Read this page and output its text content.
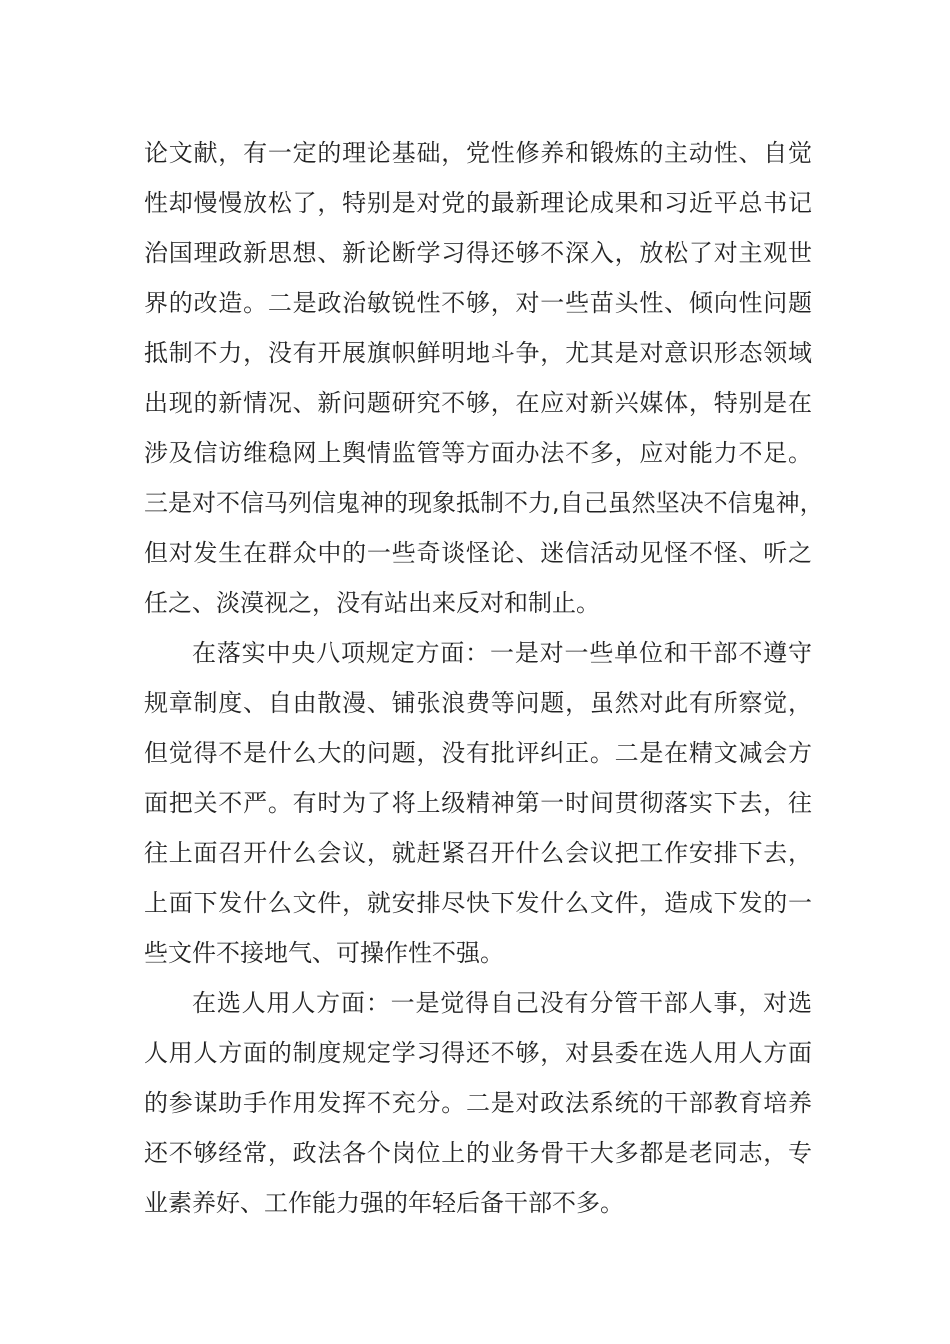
论文献，有一定的理论基础，党性修养和锻炼的主动性、自觉

性却慢慢放松了，特别是对党的最新理论成果和习近平总书记

治国理政新思想、新论断学习得还够不深入，放松了对主观世

界的改造。二是政治敏锐性不够，对一些苗头性、倾向性问题

抵制不力，没有开展旗帜鲜明地斗争，尤其是对意识形态领域

出现的新情况、新问题研究不够，在应对新兴媒体，特别是在

涉及信访维稳网上舆情监管等方面办法不多，应对能力不足。

三是对不信马列信鬼神的现象抵制不力,自己虽然坚决不信鬼神，

但对发生在群众中的一些奇谈怪论、迷信活动见怪不怪、听之

任之、淡漠视之，没有站出来反对和制止。

在落实中央八项规定方面：一是对一些单位和干部不遵守

规章制度、自由散漫、铺张浪费等问题，虽然对此有所察觉，

但觉得不是什么大的问题，没有批评纠正。二是在精文减会方

面把关不严。有时为了将上级精神第一时间贯彻落实下去，往

往上面召开什么会议，就赶紧召开什么会议把工作安排下去，

上面下发什么文件，就安排尽快下发什么文件，造成下发的一

些文件不接地气、可操作性不强。

在选人用人方面：一是觉得自己没有分管干部人事，对选

人用人方面的制度规定学习得还不够，对县委在选人用人方面

的参谋助手作用发挥不充分。二是对政法系统的干部教育培养

还不够经常，政法各个岗位上的业务骨干大多都是老同志，专

业素养好、工作能力强的年轻后备干部不多。
